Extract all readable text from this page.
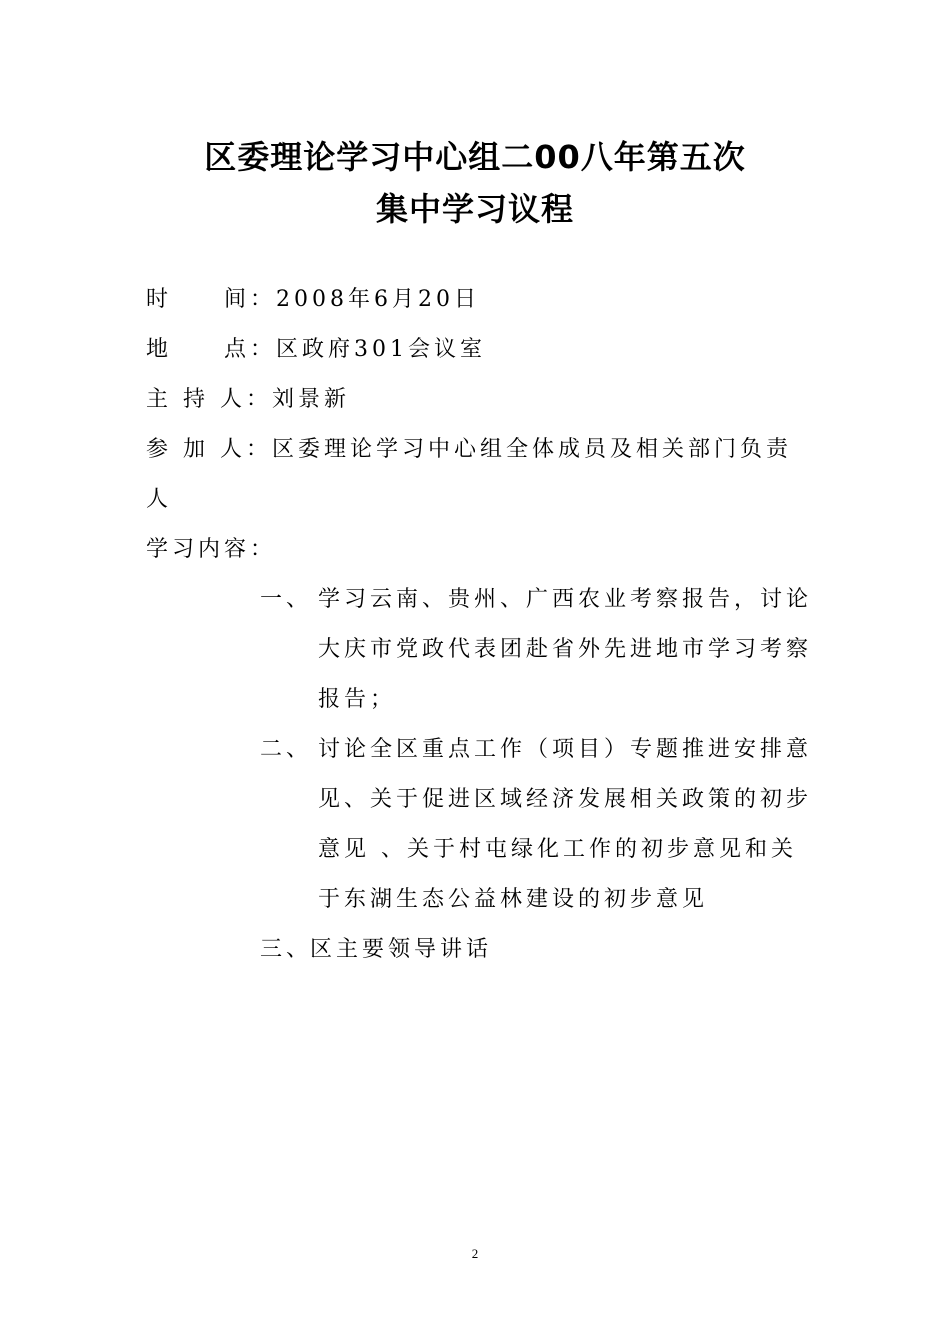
区委理论学习中心组二00八年第五次
集中学习议程
时　　间：2008年6月20日
地　　点：区政府301会议室
主 持 人：刘景新
参 加 人：区委理论学习中心组全体成员及相关部门负责
人
学习内容：
一、 学习云南、贵州、广西农业考察报告，讨论
大庆市党政代表团赴省外先进地市学习考察
报告；
二、 讨论全区重点工作（项目）专题推进安排意
见、关于促进区域经济发展相关政策的初步
意见 、关于村屯绿化工作的初步意见和关
于东湖生态公益林建设的初步意见
三、
区主要领导讲话
2
